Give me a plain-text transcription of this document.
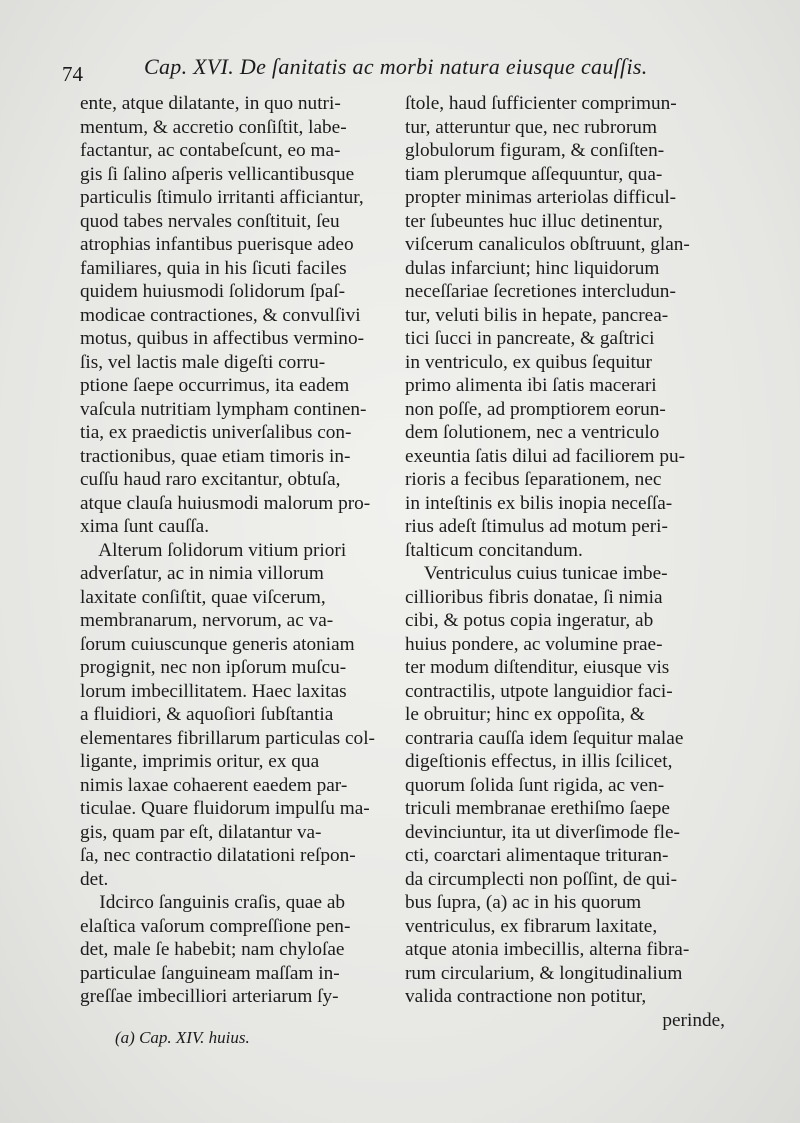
74	Cap. XVI. De ſanitatis ac morbi natura eiusque cauſſis.
ente, atque dilatante, in quo nutri-
mentum, & accretio conſiſtit, labe-
factantur, ac contabeſcunt, eo ma-
gis ſi ſalino aſperis vellicantibusque
particulis ſtimulo irritanti afficiantur,
quod tabes nervales conſtituit, ſeu
atrophias infantibus puerisque adeo
familiares, quia in his ſicuti faciles
quidem huiusmodi ſolidorum ſpaſ-
modicae contractiones, & convulſivi
motus, quibus in affectibus vermino-
ſis, vel lactis male digeſti corru-
ptione ſaepe occurrimus, ita eadem
vaſcula nutritiam lympham continen-
tia, ex praedictis univerſalibus con-
tractionibus, quae etiam timoris in-
cuſſu haud raro excitantur, obtuſa,
atque clauſa huiusmodi malorum pro-
xima ſunt cauſſa.
Alterum ſolidorum vitium priori
adverſatur, ac in nimia villorum
laxitate conſiſtit, quae viſcerum,
membranarum, nervorum, ac va-
ſorum cuiuscunque generis atoniam
progignit, nec non ipſorum muſcu-
lorum imbecillitatem. Haec laxitas
a fluidiori, & aquoſiori ſubſtantia
elementares fibrillarum particulas col-
ligante, imprimis oritur, ex qua
nimis laxae cohaerent eaedem par-
ticulae. Quare fluidorum impulſu ma-
gis, quam par eſt, dilatantur va-
ſa, nec contractio dilatationi reſpon-
det.
Idcirco ſanguinis craſis, quae ab
elaſtica vaſorum compreſſione pen-
det, male ſe habebit; nam chyloſae
particulae ſanguineam maſſam in-
greſſae imbecilliori arteriarum ſy-
ſtole, haud ſufficienter comprimun-
tur, atteruntur que, nec rubrorum
globulorum figuram, & conſiſten-
tiam plerumque aſſequuntur, qua-
propter minimas arteriolas difficul-
ter ſubeuntes huc illuc detinentur,
viſcerum canaliculos obſtruunt, glan-
dulas infarciunt; hinc liquidorum
neceſſariae ſecretiones intercludun-
tur, veluti bilis in hepate, pancrea-
tici ſucci in pancreate, & gaſtrici
in ventriculo, ex quibus ſequitur
primo alimenta ibi ſatis macerari
non poſſe, ad promptiorem eorun-
dem ſolutionem, nec a ventriculo
exeuntia ſatis dilui ad faciliorem pu-
rioris a fecibus ſeparationem, nec
in inteſtinis ex bilis inopia neceſſa-
rius adeſt ſtimulus ad motum peri-
ſtalticum concitandum.
Ventriculus cuius tunicae imbe-
cillioribus fibris donatae, ſi nimia
cibi, & potus copia ingeratur, ab
huius pondere, ac volumine prae-
ter modum diſtenditur, eiusque vis
contractilis, utpote languidior faci-
le obruitur; hinc ex oppoſita, &
contraria cauſſa idem ſequitur malae
digeſtionis effectus, in illis ſcilicet,
quorum ſolida ſunt rigida, ac ven-
triculi membranae erethiſmo ſaepe
devinciuntur, ita ut diverſimode fle-
cti, coarctari alimentaque trituran-
da circumplecti non poſſint, de qui-
bus ſupra, (a) ac in his quorum
ventriculus, ex fibrarum laxitate,
atque atonia imbecillis, alterna fibra-
rum circularium, & longitudinalium
valida contractione non potitur,
perinde,
(a) Cap. XIV. huius.
